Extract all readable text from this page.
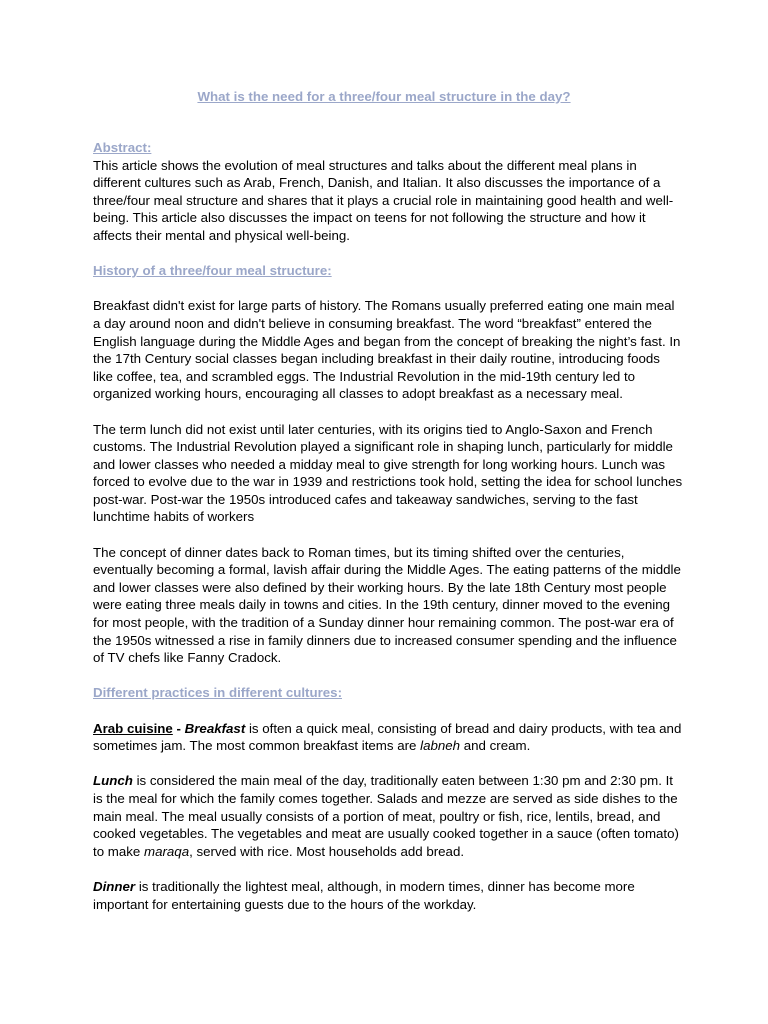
What is the need for a three/four meal structure in the day?

Abstract:

This article shows the evolution of meal structures and talks about the different meal plans in different cultures such as Arab, French, Danish, and Italian. It also discusses the importance of a three/four meal structure and shares that it plays a crucial role in maintaining good health and well-being. This article also discusses the impact on teens for not following the structure and how it affects their mental and physical well-being.

History of a three/four meal structure:

Breakfast didn't exist for large parts of history. The Romans usually preferred eating one main meal a day around noon and didn't believe in consuming breakfast. The word “breakfast” entered the English language during the Middle Ages and began from the concept of breaking the night’s fast. In the 17th Century social classes began including breakfast in their daily routine, introducing foods like coffee, tea, and scrambled eggs. The Industrial Revolution in the mid-19th century led to organized working hours, encouraging all classes to adopt breakfast as a necessary meal.

The term lunch did not exist until later centuries, with its origins tied to Anglo-Saxon and French customs. The Industrial Revolution played a significant role in shaping lunch, particularly for middle and lower classes who needed a midday meal to give strength for long working hours. Lunch was forced to evolve due to the war in 1939 and restrictions took hold, setting the idea for school lunches post-war. Post-war the 1950s introduced cafes and takeaway sandwiches, serving to the fast lunchtime habits of workers

The concept of dinner dates back to Roman times, but its timing shifted over the centuries, eventually becoming a formal, lavish affair during the Middle Ages. The eating patterns of the middle and lower classes were also defined by their working hours. By the late 18th Century most people were eating three meals daily in towns and cities. In the 19th century, dinner moved to the evening for most people, with the tradition of a Sunday dinner hour remaining common. The post-war era of the 1950s witnessed a rise in family dinners due to increased consumer spending and the influence of TV chefs like Fanny Cradock.

Different practices in different cultures:

Arab cuisine - Breakfast is often a quick meal, consisting of bread and dairy products, with tea and sometimes jam. The most common breakfast items are labneh and cream.

Lunch is considered the main meal of the day, traditionally eaten between 1:30 pm and 2:30 pm. It is the meal for which the family comes together. Salads and mezze are served as side dishes to the main meal. The meal usually consists of a portion of meat, poultry or fish, rice, lentils, bread, and cooked vegetables. The vegetables and meat are usually cooked together in a sauce (often tomato) to make maraqa, served with rice. Most households add bread.

Dinner is traditionally the lightest meal, although, in modern times, dinner has become more important for entertaining guests due to the hours of the workday.
